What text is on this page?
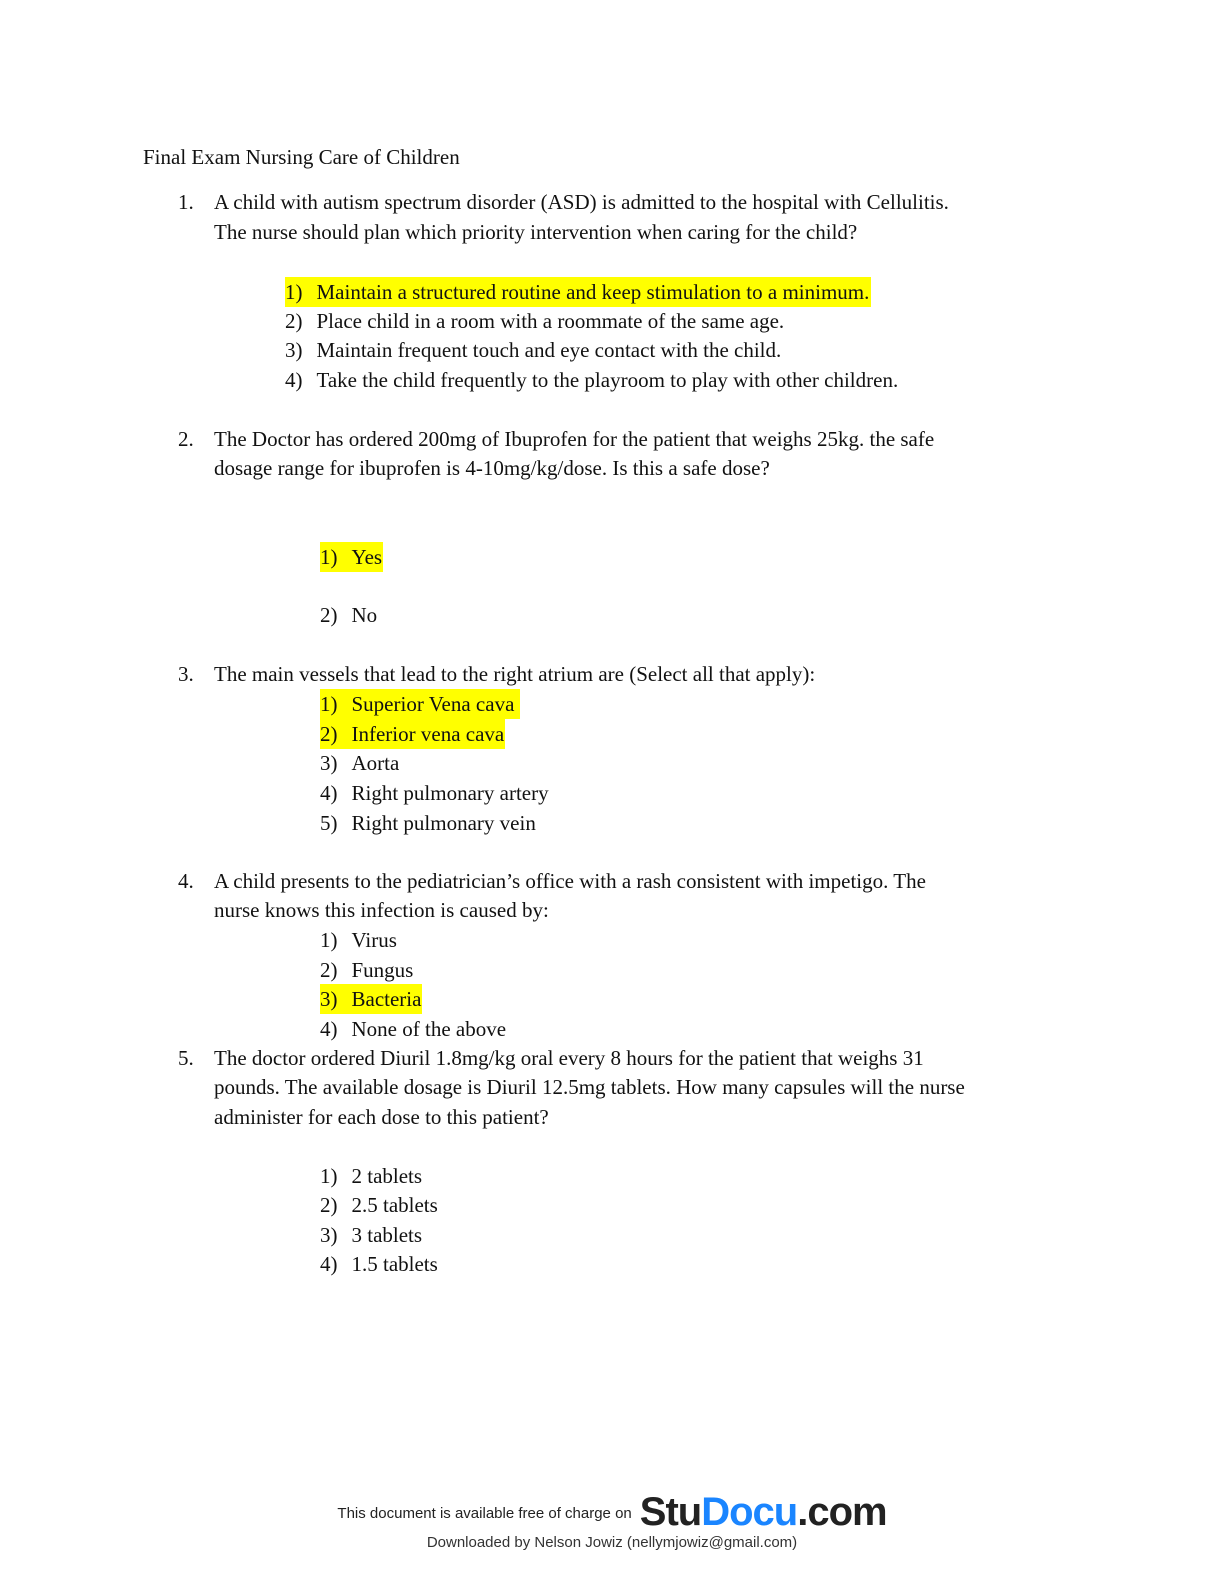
Final Exam Nursing Care of Children
1. A child with autism spectrum disorder (ASD) is admitted to the hospital with Cellulitis.
The nurse should plan which priority intervention when caring for the child?
1) Maintain a structured routine and keep stimulation to a minimum.
2) Place child in a room with a roommate of the same age.
3) Maintain frequent touch and eye contact with the child.
4) Take the child frequently to the playroom to play with other children.
2. The Doctor has ordered 200mg of Ibuprofen for the patient that weighs 25kg. the safe
dosage range for ibuprofen is 4-10mg/kg/dose. Is this a safe dose?
1) Yes
2) No
3. The main vessels that lead to the right atrium are (Select all that apply):
1) Superior Vena cava
2) Inferior vena cava
3) Aorta
4) Right pulmonary artery
5) Right pulmonary vein
4. A child presents to the pediatrician’s office with a rash consistent with impetigo. The
nurse knows this infection is caused by:
1) Virus
2) Fungus
3) Bacteria
4) None of the above
5. The doctor ordered Diuril 1.8mg/kg oral every 8 hours for the patient that weighs 31
pounds. The available dosage is Diuril 12.5mg tablets. How many capsules will the nurse
administer for each dose to this patient?
1) 2 tablets
2) 2.5 tablets
3) 3 tablets
4) 1.5 tablets
This document is available free of charge on StuDocu.com
Downloaded by Nelson Jowiz (nellymjowiz@gmail.com)
